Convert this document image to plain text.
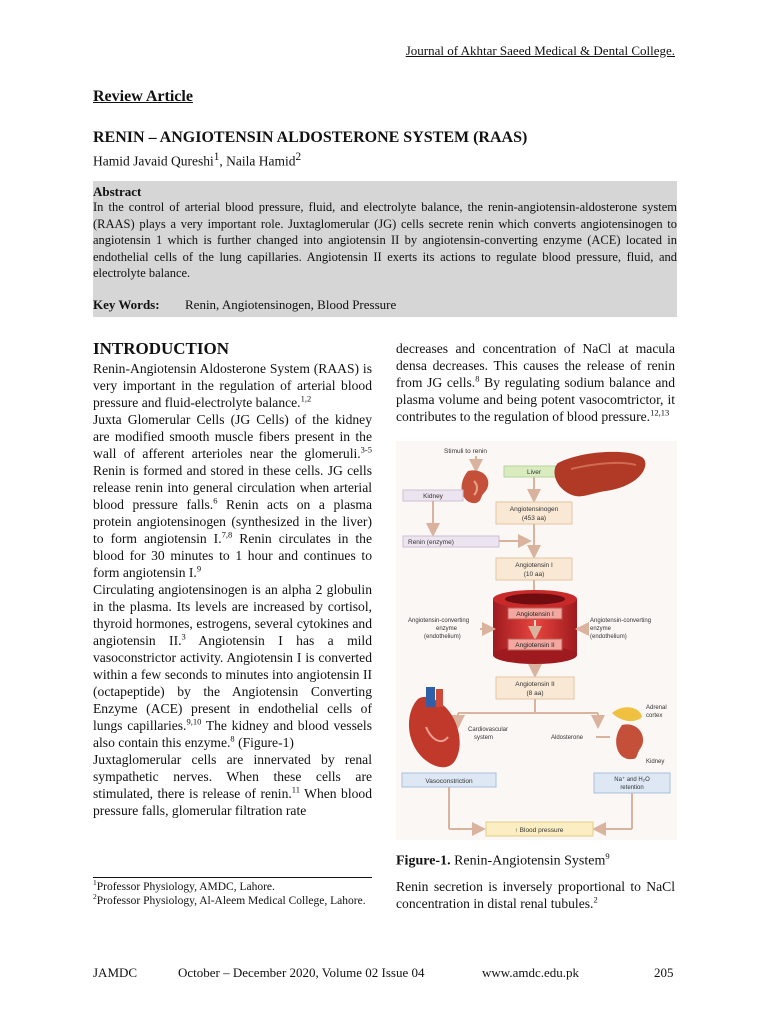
Journal of Akhtar Saeed Medical & Dental College.
Review Article
RENIN – ANGIOTENSIN ALDOSTERONE SYSTEM (RAAS)
Hamid Javaid Qureshi$^1$, Naila Hamid$^2$
Abstract
In the control of arterial blood pressure, fluid, and electrolyte balance, the renin-angiotensin-aldosterone system (RAAS) plays a very important role. Juxtaglomerular (JG) cells secrete renin which converts angiotensinogen to angiotensin 1 which is further changed into angiotensin II by angiotensin-converting enzyme (ACE) located in endothelial cells of the lung capillaries. Angiotensin II exerts its actions to regulate blood pressure, fluid, and electrolyte balance.
Key Words: Renin, Angiotensinogen, Blood Pressure
INTRODUCTION

Renin-Angiotensin Aldosterone System (RAAS) is very important in the regulation of arterial blood pressure and fluid-electrolyte balance.$^{1,2}$

Juxta Glomerular Cells (JG Cells) of the kidney are modified smooth muscle fibers present in the wall of afferent arterioles near the glomeruli.$^{3-5}$ Renin is formed and stored in these cells. JG cells release renin into general circulation when arterial blood pressure falls.$^6$ Renin acts on a plasma protein angiotensinogen (synthesized in the liver) to form angiotensin I.$^{7,8}$ Renin circulates in the blood for 30 minutes to 1 hour and continues to form angiotensin I.$^9$

Circulating angiotensinogen is an alpha 2 globulin in the plasma. Its levels are increased by cortisol, thyroid hormones, estrogens, several cytokines and angiotensin II.$^3$ Angiotensin I has a mild vasoconstrictor activity. Angiotensin I is converted within a few seconds to minutes into angiotensin II (octapeptide) by the Angiotensin Converting Enzyme (ACE) present in endothelial cells of lungs capillaries.$^{9,10}$ The kidney and blood vessels also contain this enzyme.$^8$ (Figure-1)

Juxtaglomerular cells are innervated by renal sympathetic nerves. When these cells are stimulated, there is release of renin.$^{11}$ When blood pressure falls, glomerular filtration rate

decreases and concentration of NaCl at macula densa decreases. This causes the release of renin from JG cells.$^8$ By regulating sodium balance and plasma volume and being potent vasocomtrictor, it contributes to the regulation of blood pressure.$^{12,13}$

Stimuli to renin
Liver
Kidney
Angiotensinogen
(453 aa)
Renin (enzyme)
Angiotensin I
(10 aa)
Angiotensin I
Angiotensin II
Angiotensin-converting
enzyme
(endothelium)
Angiotensin-converting
enzyme
(endothelium)
Angiotensin II
(8 aa)
Cardiovascular
system	Aldosterone
Adrenal
cortex
Kidney
Vasoconstriction	Na⁺ and H₂O
retention
↑ Blood pressure
Figure-1. Renin-Angiotensin System$^9$

Renin secretion is inversely proportional to NaCl concentration in distal renal tubules.$^2$

$^1$Professor Physiology, AMDC, Lahore.
$^2$Professor Physiology, Al-Aleem Medical College, Lahore.
JAMDC	October – December 2020, Volume 02 Issue 04	www.amdc.edu.pk	205
